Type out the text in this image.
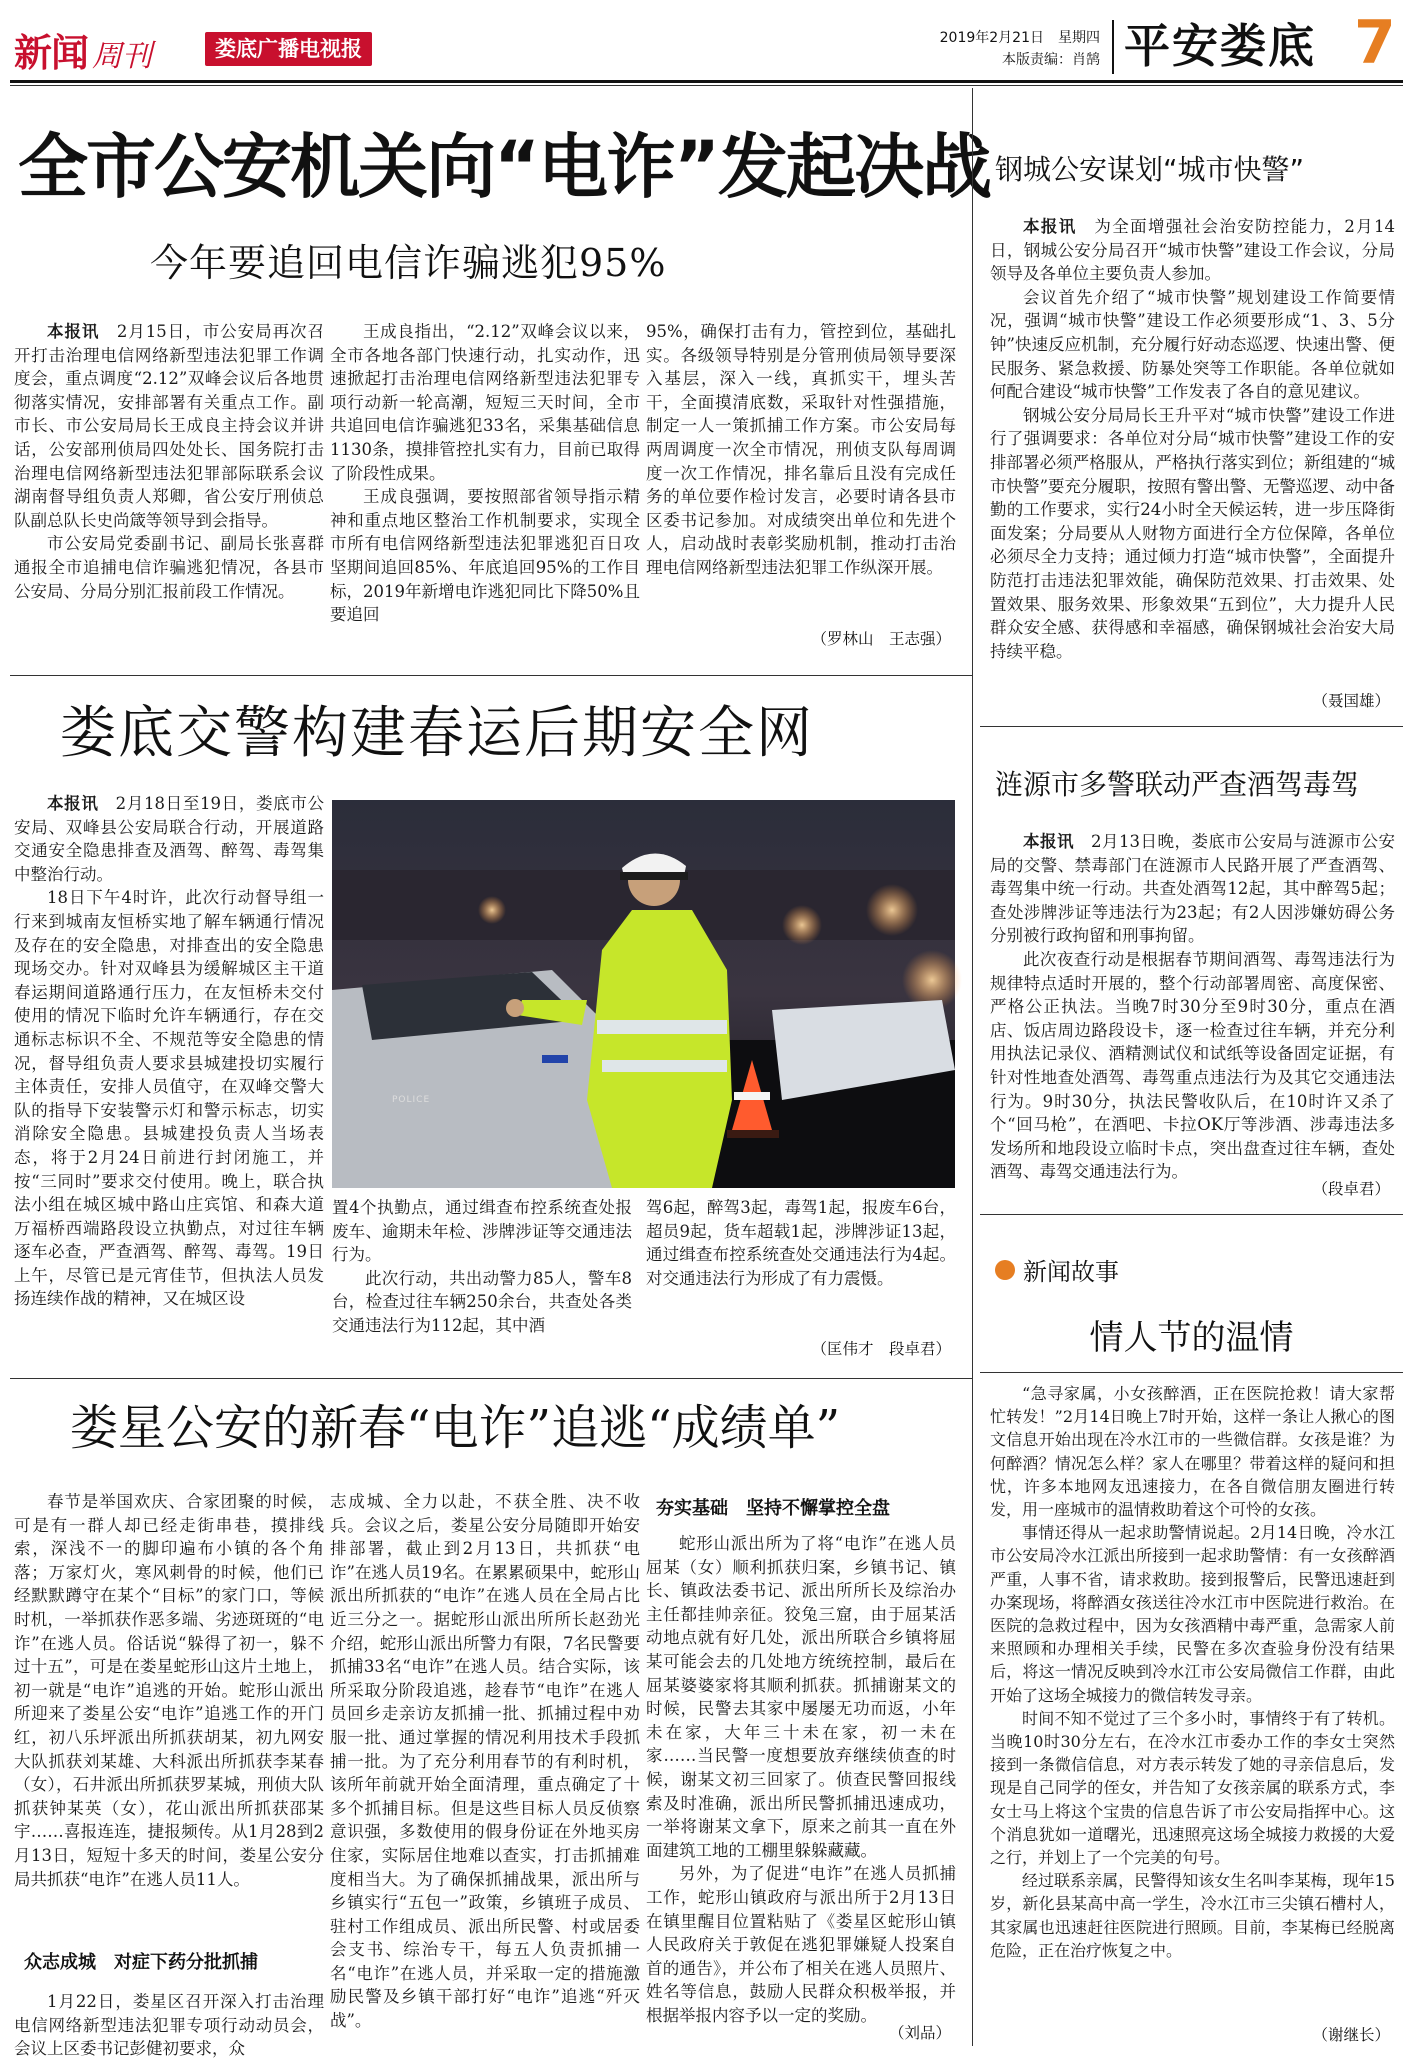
新闻 周刊	娄底广播电视报	2019年2月21日　星期四
本版责编：肖鹄 平安娄底 7
全市公安机关向“电诈”发起决战
今年要追回电信诈骗逃犯95%

本报讯　 2月15日，市公安局再次召开打击治理电信网络新型违法犯罪工作调度会，重点调度“2.12”双峰会议后各地贯彻落实情况，安排部署有关重点工作。副市长、市公安局局长王成良主持会议并讲话，公安部刑侦局四处处长、国务院打击治理电信网络新型违法犯罪部际联系会议湖南督导组负责人郑卿，省公安厅刑侦总队副总队长史尚箴等领导到会指导。

市公安局党委副书记、副局长张喜群通报全市追捕电信诈骗逃犯情况，各县市公安局、分局分别汇报前段工作情况。

王成良指出，“2.12”双峰会议以来，全市各地各部门快速行动，扎实动作，迅速掀起打击治理电信网络新型违法犯罪专项行动新一轮高潮，短短三天时间，全市共追回电信诈骗逃犯33名，采集基础信息1130条，摸排管控扎实有力，目前已取得了阶段性成果。

王成良强调，要按照部省领导指示精神和重点地区整治工作机制要求，实现全市所有电信网络新型违法犯罪逃犯百日攻坚期间追回85%、年底追回95%的工作目标，2019年新增电诈逃犯同比下降50%且要追回

95%，确保打击有力，管控到位，基础扎实。各级领导特别是分管刑侦局领导要深入基层，深入一线，真抓实干，埋头苦干，全面摸清底数，采取针对性强措施，制定一人一策抓捕工作方案。市公安局每两周调度一次全市情况，刑侦支队每周调度一次工作情况，排名靠后且没有完成任务的单位要作检讨发言，必要时请各县市区委书记参加。对成绩突出单位和先进个人，启动战时表彰奖励机制，推动打击治理电信网络新型违法犯罪工作纵深开展。

（罗林山　王志强）
钢城公安谋划“城市快警”

本报讯　 为全面增强社会治安防控能力，2月14日，钢城公安分局召开“城市快警”建设工作会议，分局领导及各单位主要负责人参加。

会议首先介绍了“城市快警”规划建设工作简要情况，强调“城市快警”建设工作必须要形成“1、3、5分钟”快速反应机制，充分履行好动态巡逻、快速出警、便民服务、紧急救援、防暴处突等工作职能。各单位就如何配合建设“城市快警”工作发表了各自的意见建议。

钢城公安分局局长王升平对“城市快警”建设工作进行了强调要求：各单位对分局“城市快警”建设工作的安排部署必须严格服从，严格执行落实到位；新组建的“城市快警”要充分履职，按照有警出警、无警巡逻、动中备勤的工作要求，实行24小时全天候运转，进一步压降街面发案；分局要从人财物方面进行全方位保障，各单位必须尽全力支持；通过倾力打造“城市快警”，全面提升防范打击违法犯罪效能，确保防范效果、打击效果、处置效果、服务效果、形象效果“五到位”，大力提升人民群众安全感、获得感和幸福感，确保钢城社会治安大局持续平稳。

（聂国雄）
涟源市多警联动严查酒驾毒驾

本报讯　 2月13日晚，娄底市公安局与涟源市公安局的交警、禁毒部门在涟源市人民路开展了严查酒驾、毒驾集中统一行动。共查处酒驾12起，其中醉驾5起；查处涉牌涉证等违法行为23起；有2人因涉嫌妨碍公务分别被行政拘留和刑事拘留。

此次夜查行动是根据春节期间酒驾、毒驾违法行为规律特点适时开展的，整个行动部署周密、高度保密、严格公正执法。当晚7时30分至9时30分，重点在酒店、饭店周边路段设卡，逐一检查过往车辆，并充分利用执法记录仪、酒精测试仪和试纸等设备固定证据，有针对性地查处酒驾、毒驾重点违法行为及其它交通违法行为。9时30分，执法民警收队后，在10时许又杀了个“回马枪”，在酒吧、卡拉OK厅等涉酒、涉毒违法多发场所和地段设立临时卡点，突出盘查过往车辆，查处酒驾、毒驾交通违法行为。

（段卓君）
新闻故事
情人节的温情

“急寻家属，小女孩醉酒，正在医院抢救！请大家帮忙转发！”2月14日晚上7时开始，这样一条让人揪心的图文信息开始出现在冷水江市的一些微信群。女孩是谁？为何醉酒？情况怎么样？家人在哪里？带着这样的疑问和担忧，许多本地网友迅速接力，在各自微信朋友圈进行转发，用一座城市的温情救助着这个可怜的女孩。

事情还得从一起求助警情说起。2月14日晚，冷水江市公安局冷水江派出所接到一起求助警情：有一女孩醉酒严重，人事不省，请求救助。接到报警后，民警迅速赶到办案现场，将醉酒女孩送往冷水江市中医院进行救治。在医院的急救过程中，因为女孩酒精中毒严重，急需家人前来照顾和办理相关手续，民警在多次查验身份没有结果后，将这一情况反映到冷水江市公安局微信工作群，由此开始了这场全城接力的微信转发寻亲。

时间不知不觉过了三个多小时，事情终于有了转机。当晚10时30分左右，在冷水江市委办工作的李女士突然接到一条微信信息，对方表示转发了她的寻亲信息后，发现是自己同学的侄女，并告知了女孩亲属的联系方式，李女士马上将这个宝贵的信息告诉了市公安局指挥中心。这个消息犹如一道曙光，迅速照亮这场全城接力救援的大爱之行，并划上了一个完美的句号。

经过联系亲属，民警得知该女生名叫李某梅，现年15岁，新化县某高中高一学生，冷水江市三尖镇石槽村人，其家属也迅速赶往医院进行照顾。目前，李某梅已经脱离危险，正在治疗恢复之中。

（谢继长）
娄底交警构建春运后期安全网

本报讯　 2月18日至19日，娄底市公安局、双峰县公安局联合行动，开展道路交通安全隐患排查及酒驾、醉驾、毒驾集中整治行动。

18日下午4时许，此次行动督导组一行来到城南友恒桥实地了解车辆通行情况及存在的安全隐患，对排查出的安全隐患现场交办。针对双峰县为缓解城区主干道春运期间道路通行压力，在友恒桥未交付使用的情况下临时允许车辆通行，存在交通标志标识不全、不规范等安全隐患的情况，督导组负责人要求县城建投切实履行主体责任，安排人员值守，在双峰交警大队的指导下安装警示灯和警示标志，切实消除安全隐患。县城建投负责人当场表态，将于2月24日前进行封闭施工，并按“三同时”要求交付使用。晚上，联合执法小组在城区城中路山庄宾馆、和森大道万福桥西端路段设立执勤点，对过往车辆逐车必查，严查酒驾、醉驾、毒驾。19日上午，尽管已是元宵佳节，但执法人员发扬连续作战的精神，又在城区设

POLICE

置4个执勤点，通过缉查布控系统查处报废车、逾期未年检、涉牌涉证等交通违法行为。

此次行动，共出动警力85人，警车8台，检查过往车辆250余台，共查处各类交通违法行为112起，其中酒

驾6起，醉驾3起，毒驾1起，报废车6台，超员9起，货车超载1起，涉牌涉证13起，通过缉查布控系统查处交通违法行为4起。对交通违法行为形成了有力震慑。

（匡伟才　段卓君）
娄星公安的新春“电诈”追逃“成绩单”

春节是举国欢庆、合家团聚的时候，可是有一群人却已经走街串巷，摸排线索，深浅不一的脚印遍布小镇的各个角落；万家灯火，寒风刺骨的时候，他们已经默默蹲守在某个“目标”的家门口，等候时机，一举抓获作恶多端、劣迹斑斑的“电诈”在逃人员。俗话说“躲得了初一，躲不过十五”，可是在娄星蛇形山这片土地上，初一就是“电诈”追逃的开始。蛇形山派出所迎来了娄星公安“电诈”追逃工作的开门红，初八乐坪派出所抓获胡某，初九网安大队抓获刘某雄、大科派出所抓获李某春（女），石井派出所抓获罗某城，刑侦大队抓获钟某英（女），花山派出所抓获邵某宇……喜报连连，捷报频传。从1月28到2月13日，短短十多天的时间，娄星公安分局共抓获“电诈”在逃人员11人。

众志成城　对症下药分批抓捕

1月22日，娄星区召开深入打击治理电信网络新型违法犯罪专项行动动员会，会议上区委书记彭健初要求，众

志成城、全力以赴，不获全胜、决不收兵。会议之后，娄星公安分局随即开始安排部署，截止到2月13日，共抓获“电诈”在逃人员19名。在累累硕果中，蛇形山派出所抓获的“电诈”在逃人员在全局占比近三分之一。据蛇形山派出所所长赵劲光介绍，蛇形山派出所警力有限，7名民警要抓捕33名“电诈”在逃人员。结合实际，该所采取分阶段追逃，趁春节“电诈”在逃人员回乡走亲访友抓捕一批、抓捕过程中劝服一批、通过掌握的情况利用技术手段抓捕一批。为了充分利用春节的有利时机，该所年前就开始全面清理，重点确定了十多个抓捕目标。但是这些目标人员反侦察意识强，多数使用的假身份证在外地买房住家，实际居住地难以查实，打击抓捕难度相当大。为了确保抓捕战果，派出所与乡镇实行“五包一”政策，乡镇班子成员、驻村工作组成员、派出所民警、村或居委会支书、综治专干，每五人负责抓捕一名“电诈”在逃人员，并采取一定的措施激励民警及乡镇干部打好“电诈”追逃“歼灭战”。

夯实基础　坚持不懈掌控全盘

蛇形山派出所为了将“电诈”在逃人员屈某（女）顺利抓获归案，乡镇书记、镇长、镇政法委书记、派出所所长及综治办主任都挂帅亲征。狡兔三窟，由于屈某活动地点就有好几处，派出所联合乡镇将屈某可能会去的几处地方统统控制，最后在屈某婆婆家将其顺利抓获。抓捕谢某文的时候，民警去其家中屡屡无功而返，小年未在家，大年三十未在家，初一未在家……当民警一度想要放弃继续侦查的时候，谢某文初三回家了。侦查民警回报线索及时准确，派出所民警抓捕迅速成功，一举将谢某文拿下，原来之前其一直在外面建筑工地的工棚里躲躲藏藏。

另外，为了促进“电诈”在逃人员抓捕工作，蛇形山镇政府与派出所于2月13日在镇里醒目位置粘贴了《娄星区蛇形山镇人民政府关于敦促在逃犯罪嫌疑人投案自首的通告》，并公布了相关在逃人员照片、姓名等信息，鼓励人民群众积极举报，并根据举报内容予以一定的奖励。

（刘品）
